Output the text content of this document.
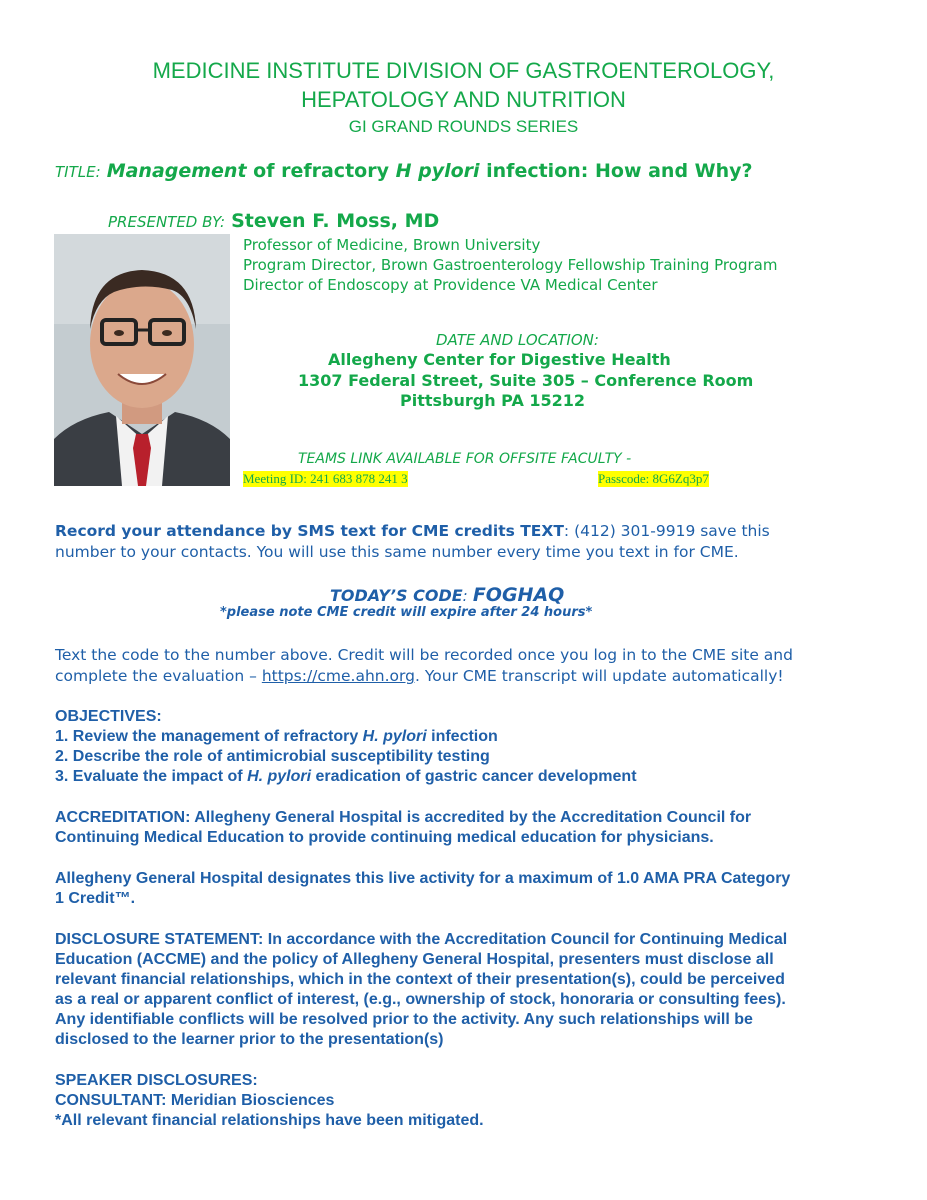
MEDICINE INSTITUTE DIVISION OF GASTROENTEROLOGY,
HEPATOLOGY AND NUTRITION
GI GRAND ROUNDS SERIES
TITLE: Management of refractory H pylori infection: How and Why?
PRESENTED BY: Steven F. Moss, MD
Professor of Medicine, Brown University
Program Director, Brown Gastroenterology Fellowship Training Program
Director of Endoscopy at Providence VA Medical Center
DATE AND LOCATION:
Allegheny Center for Digestive Health
1307 Federal Street, Suite 305 – Conference Room
Pittsburgh PA 15212
TEAMS LINK AVAILABLE FOR OFFSITE FACULTY -
Meeting ID: 241 683 878 241 3	Passcode: 8G6Zq3p7
Record your attendance by SMS text for CME credits TEXT: (412) 301-9919 save this
number to your contacts. You will use this same number every time you text in for CME.
TODAY’S CODE: FOGHAQ
*please note CME credit will expire after 24 hours*
Text the code to the number above. Credit will be recorded once you log in to the CME site and
complete the evaluation – https://cme.ahn.org. Your CME transcript will update automatically!
OBJECTIVES:
1. Review the management of refractory H. pylori infection
2. Describe the role of antimicrobial susceptibility testing
3. Evaluate the impact of H. pylori eradication of gastric cancer development
ACCREDITATION: Allegheny General Hospital is accredited by the Accreditation Council for
Continuing Medical Education to provide continuing medical education for physicians.
Allegheny General Hospital designates this live activity for a maximum of 1.0 AMA PRA Category
1 Credit™.
DISCLOSURE STATEMENT: In accordance with the Accreditation Council for Continuing Medical
Education (ACCME) and the policy of Allegheny General Hospital, presenters must disclose all
relevant financial relationships, which in the context of their presentation(s), could be perceived
as a real or apparent conflict of interest, (e.g., ownership of stock, honoraria or consulting fees).
Any identifiable conflicts will be resolved prior to the activity. Any such relationships will be
disclosed to the learner prior to the presentation(s)
SPEAKER DISCLOSURES:
CONSULTANT: Meridian Biosciences
*All relevant financial relationships have been mitigated.
